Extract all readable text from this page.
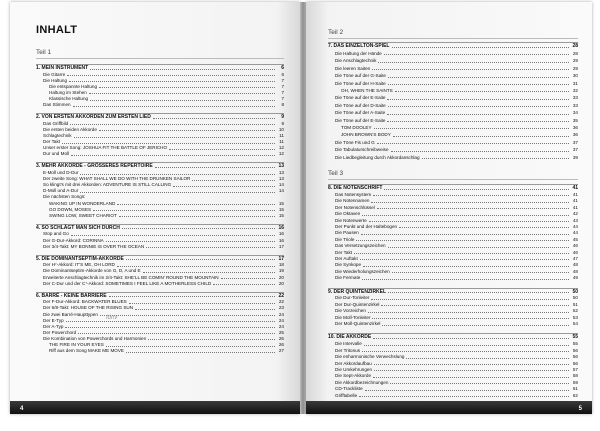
INHALT
Teil 1
1. MEIN INSTRUMENT	6
Die Gitarre	6
Die Haltung	7
Die entspannte Haltung	7
Haltung im Stehen	7
Klassische Haltung	7
Das Stimmen	8
2. VON ERSTEN AKKORDEN ZUM ERSTEN LIED	9
Das Griffbild	9
Die ersten beiden Akkorde	10
Schlagtechnik	11
Der Takt	11
Unser erster Song: JOSHUA FIT THE BATTLE OF JERICHO	12
Dur und Moll	12
3. MEHR AKKORDE - GRÖSSERES REPERTOIRE	13
E-Moll und D-Dur	13
Der zweite Song: WHAT SHALL WE DO WITH THE DRUNKEN SAILOR	13
So klingt’s mit drei Akkorden: ADVENTURE IS STILL CALLING	14
D-Moll und A-Dur	14
Die nächsten Songs:
WAKING UP IN WONDERLAND	15
GO DOWN, MOSES	15
SWING LOW, SWEET CHARIOT	15
4. SO SCHLÄGT MAN SICH DURCH	16
Stop and Go	16
Der G-Dur-Akkord: CORINNA	16
Der 3/4-Takt: MY BONNIE IS OVER THE OCEAN	17
5. DIE DOMINANTSEPTIM-AKKORDE	17
Der H⁷-Akkord: IT’S ME, OH LORD	18
Die Dominantseptim-Akkorde von G, D, A und E	19
Erweiterte Anschlagtechnik im 2/4-Takt: SHE’LL BE COMIN’ ROUND THE MOUNTAIN	20
Der C-Dur und der C⁷-Akkord: SOMETIMES I FEEL LIKE A MOTHERLESS CHILD	20
6. BARRÉ - KEINE BARRIERE	22
Der F-Dur-Akkord: BACKWATER BLUES	22
Der 6/8-Takt: HOUSE OF THE RISING SUN	23
Die zwei Barré-Haupttypen	24
Der E-Typ	24
Der A-Typ	24
Der Powerchord	25
Die Kombination von Powerchords und Harmonien	26
THE FIRE IN YOUR EYES	26
Riff aus dem Song MAKE ME MOVE	27
Idnv
4
Teil 2
7. DAS EINZELTON-SPIEL	28
Die Haltung der Hände	28
Die Anschlagtechnik	29
Die leeren Saiten	29
Die Töne auf der G-Saite	30
Die Töne auf der H-Saite	31
OH, WHEN THE SAINTS	32
Die Töne auf der E-Saite	33
Die Töne auf der D-Saite	33
Die Töne auf der A-Saite	34
Die Töne auf der E-Saite	35
TOM DOOLEY	36
JOHN BROWN’S BODY	36
Die Töne Fis und G	37
Die Tabulaturschreibweise	37
Die Liedbegleitung durch Akkordanschlag	39
Teil 3
8. DIE NOTENSCHRIFT	41
Das Notensystem	41
Die Notennamen	41
Der Notenschlüssel	41
Die Oktaven	42
Die Notenwerte	43
Der Punkt und der Haltebogen	44
Die Pausen	44
Die Triole	45
Das Versetzungszeichen	46
Der Takt	46
Der Auftakt	47
Die Synkope	48
Die Wiederholungszeichen	48
Die Fermate	49
9. DER QUINTENZIRKEL	50
Die Dur-Tonleiter	50
Der Dur-Quintenzirkel	51
Die Vorzeichen	52
Die Moll-Tonleiter	53
Der Moll-Quintenzirkel	54
10. DIE AKKORDE	55
Die Intervalle	55
Der Tritonus	56
Die enharmonische Verwechslung	56
Der Akkordaufbau	56
Die Umkehrungen	57
Die Sept-Akkorde	58
Die Akkordbezeichnungen	59
CD-Trackliste	61
Grifftabelle	62
5
